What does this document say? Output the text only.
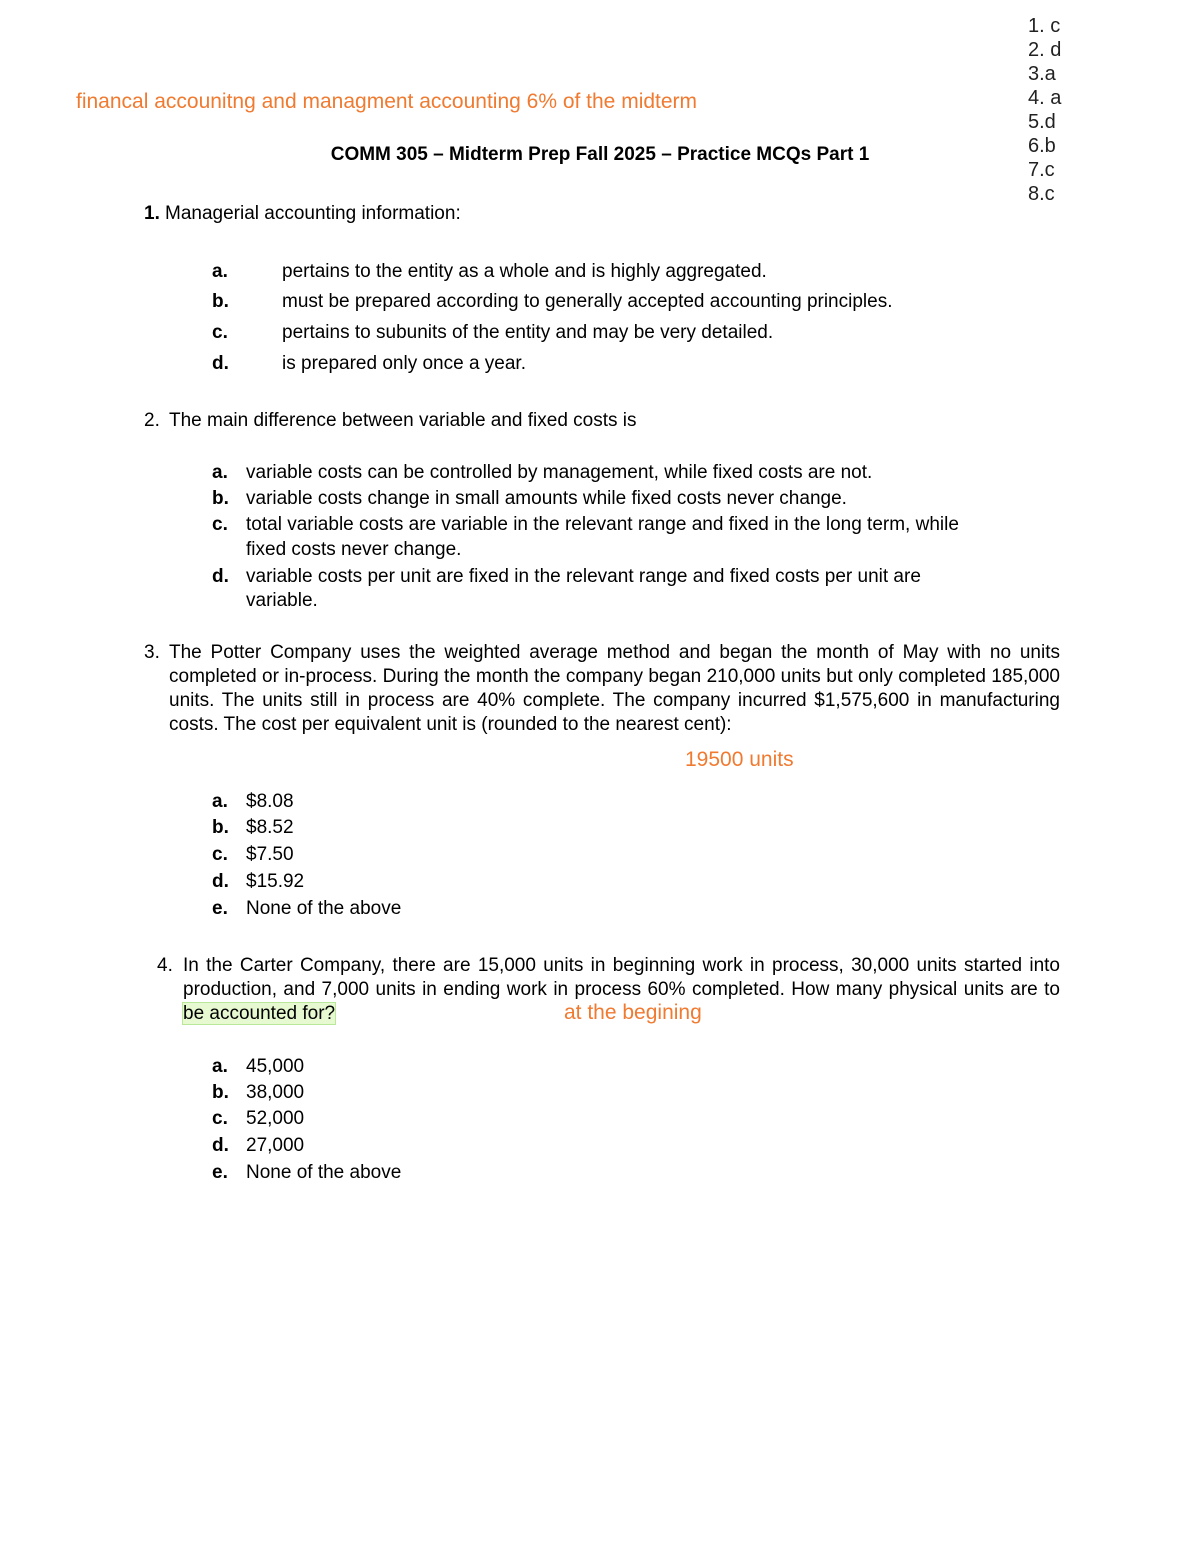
financal accounitng and managment accounting 6% of the midterm
1. c
2. d
3.a
4. a
5.d
6.b
7.c
8.c
COMM 305 – Midterm Prep Fall 2025 – Practice MCQs Part 1
1. Managerial accounting information:
a.	pertains to the entity as a whole and is highly aggregated.
b.	must be prepared according to generally accepted accounting principles.
c.	pertains to subunits of the entity and may be very detailed.
d.	is prepared only once a year.
2. The main difference between variable and fixed costs is
a. variable costs can be controlled by management, while fixed costs are not.
b. variable costs change in small amounts while fixed costs never change.
c. total variable costs are variable in the relevant range and fixed in the long term, while
fixed costs never change.
d. variable costs per unit are fixed in the relevant range and fixed costs per unit are
variable.
3. The Potter Company uses the weighted average method and began the month of May with no units completed or in-process. During the month the company began 210,000 units but only completed 185,000 units. The units still in process are 40% complete. The company incurred $1,575,600 in manufacturing costs. The cost per equivalent unit is (rounded to the nearest cent):
19500 units
a. $8.08
b. $8.52
c. $7.50
d. $15.92
e. None of the above
4. In the Carter Company, there are 15,000 units in beginning work in process, 30,000 units started into production, and 7,000 units in ending work in process 60% completed. How many physical units are to be accounted for?	at the begining
a. 45,000
b. 38,000
c. 52,000
d. 27,000
e. None of the above
